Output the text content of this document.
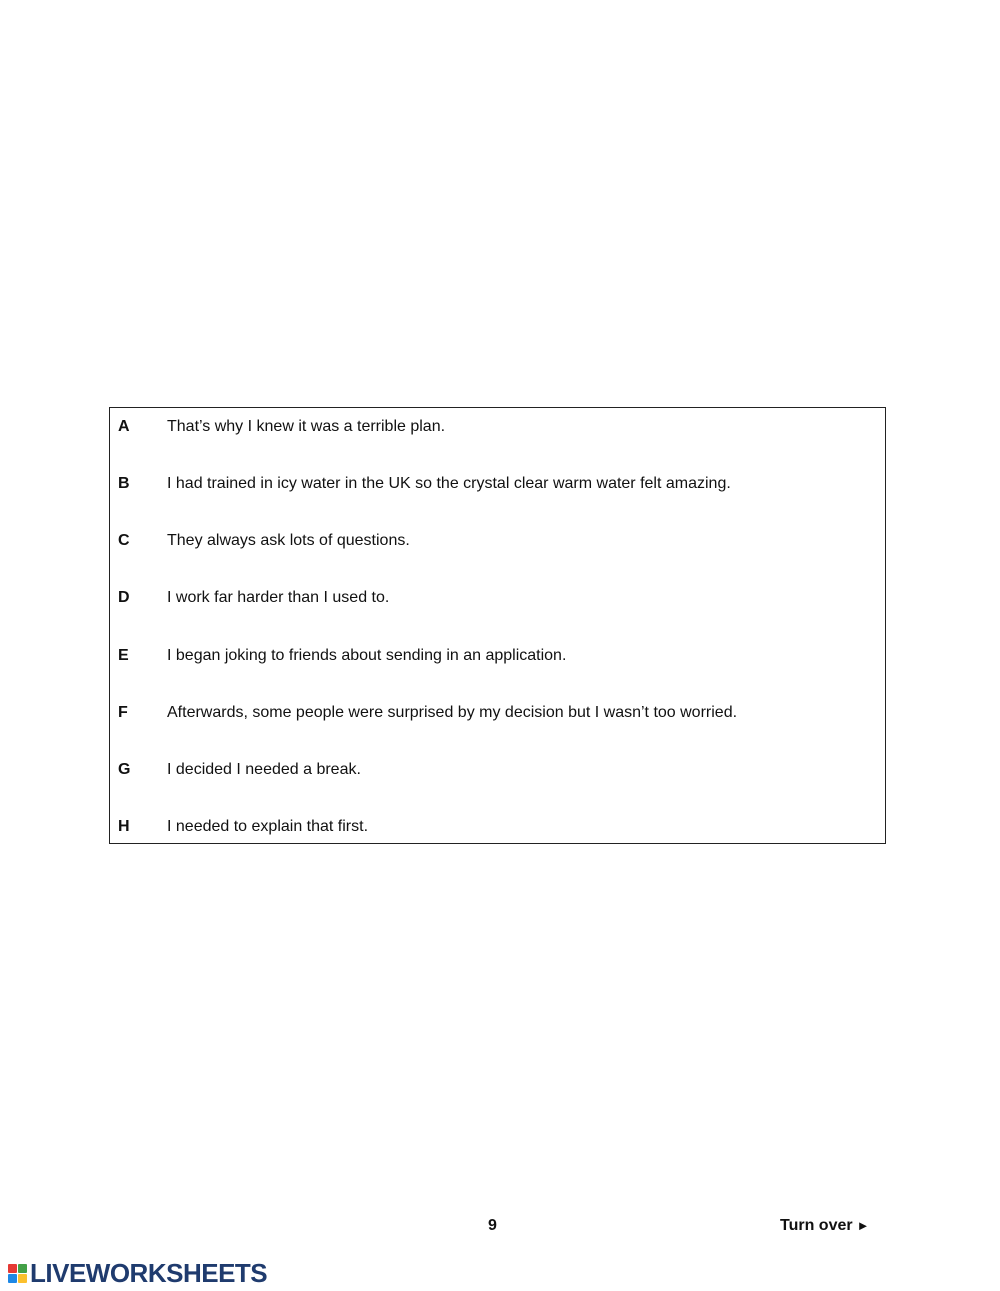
A That’s why I knew it was a terrible plan.
B I had trained in icy water in the UK so the crystal clear warm water felt amazing.
C They always ask lots of questions.
D I work far harder than I used to.
E I began joking to friends about sending in an application.
F Afterwards, some people were surprised by my decision but I wasn’t too worried.
G I decided I needed a break.
H I needed to explain that first.
9	Turn over ►
LIVEWORKSHEETS
